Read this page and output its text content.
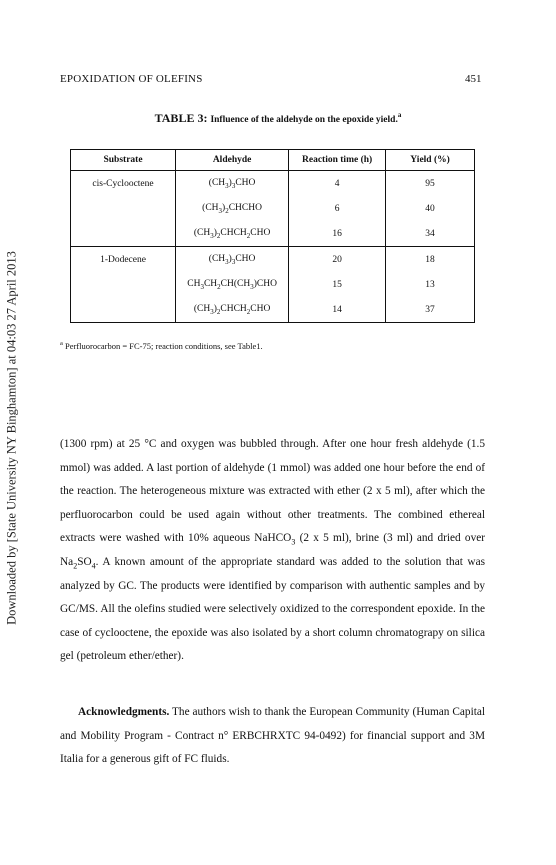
Downloaded by [State University NY Binghamton] at 04:03 27 April 2013
EPOXIDATION OF OLEFINS	451
TABLE 3: Influence of the aldehyde on the epoxide yield.$^a$
Substrate	Aldehyde	Reaction time (h)	Yield (%)
cis-Cyclooctene	$(CH_3)_3CHO$	4	95
	$(CH_3)_2CHCHO$	6	40
	$(CH_3)_2CHCH_2CHO$	16	34
1-Dodecene	$(CH_3)_3CHO$	20	18
	$CH_3CH_2CH(CH_3)CHO$	15	13
	$(CH_3)_2CHCH_2CHO$	14	37
$^a$ Perfluorocarbon = FC-75; reaction conditions, see Table1.

(1300 rpm) at 25 °C and oxygen was bubbled through. After one hour fresh aldehyde (1.5 mmol) was added. A last portion of aldehyde (1 mmol) was added one hour before the end of the reaction. The heterogeneous mixture was extracted with ether (2 x 5 ml), after which the perfluorocarbon could be used again without other treatments. The combined ethereal extracts were washed with 10% aqueous NaHCO$_3$ (2 x 5 ml), brine (3 ml) and dried over $Na_2SO_4$. A known amount of the appropriate standard was added to the solution that was analyzed by GC. The products were identified by comparison with authentic samples and by GC/MS. All the olefins studied were selectively oxidized to the correspondent epoxide. In the case of cyclooctene, the epoxide was also isolated by a short column chromatograpy on silica gel (petroleum ether/ether).

Acknowledgments. The authors wish to thank the European Community (Human Capital and Mobility Program - Contract n° ERBCHRXTC 94-0492) for financial support and 3M Italia for a generous gift of FC fluids.
